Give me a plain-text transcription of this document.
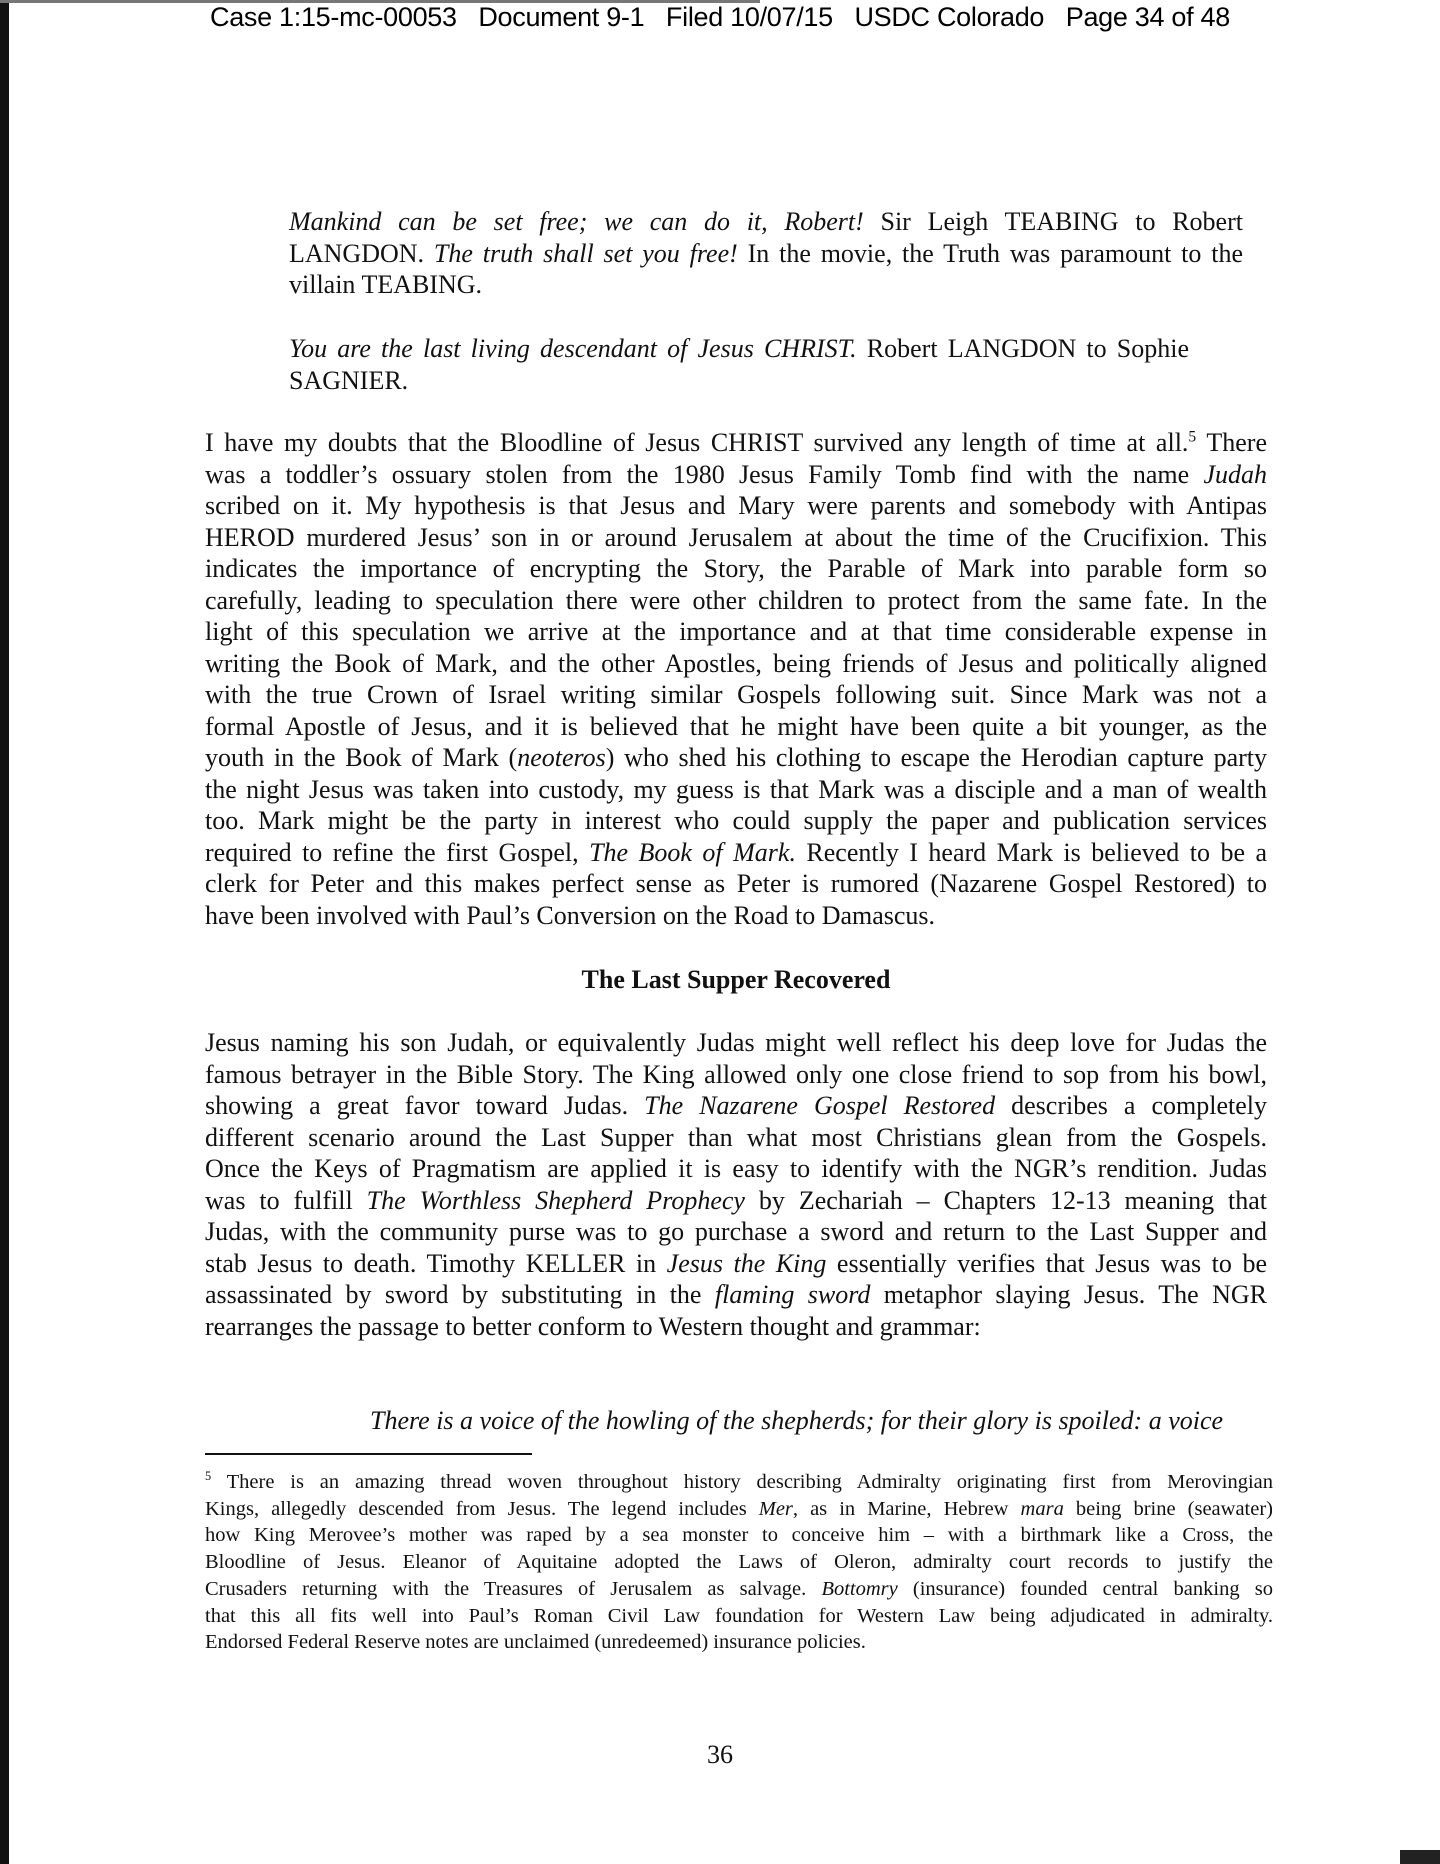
Case 1:15-mc-00053   Document 9-1   Filed 10/07/15   USDC Colorado   Page 34 of 48
Mankind can be set free; we can do it, Robert! Sir Leigh TEABING to Robert
LANGDON. The truth shall set you free! In the movie, the Truth was paramount to the
villain TEABING.
You are the last living descendant of Jesus CHRIST. Robert LANGDON to Sophie
SAGNIER.
I have my doubts that the Bloodline of Jesus CHRIST survived any length of time at all.$^5$ There
was a toddler’s ossuary stolen from the 1980 Jesus Family Tomb find with the name Judah
scribed on it. My hypothesis is that Jesus and Mary were parents and somebody with Antipas
HEROD murdered Jesus’ son in or around Jerusalem at about the time of the Crucifixion. This
indicates the importance of encrypting the Story, the Parable of Mark into parable form so
carefully, leading to speculation there were other children to protect from the same fate. In the
light of this speculation we arrive at the importance and at that time considerable expense in
writing the Book of Mark, and the other Apostles, being friends of Jesus and politically aligned
with the true Crown of Israel writing similar Gospels following suit. Since Mark was not a
formal Apostle of Jesus, and it is believed that he might have been quite a bit younger, as the
youth in the Book of Mark (neoteros) who shed his clothing to escape the Herodian capture party
the night Jesus was taken into custody, my guess is that Mark was a disciple and a man of wealth
too. Mark might be the party in interest who could supply the paper and publication services
required to refine the first Gospel, The Book of Mark. Recently I heard Mark is believed to be a
clerk for Peter and this makes perfect sense as Peter is rumored (Nazarene Gospel Restored) to
have been involved with Paul’s Conversion on the Road to Damascus.
The Last Supper Recovered
Jesus naming his son Judah, or equivalently Judas might well reflect his deep love for Judas the
famous betrayer in the Bible Story. The King allowed only one close friend to sop from his bowl,
showing a great favor toward Judas. The Nazarene Gospel Restored describes a completely
different scenario around the Last Supper than what most Christians glean from the Gospels.
Once the Keys of Pragmatism are applied it is easy to identify with the NGR’s rendition. Judas
was to fulfill The Worthless Shepherd Prophecy by Zechariah – Chapters 12-13 meaning that
Judas, with the community purse was to go purchase a sword and return to the Last Supper and
stab Jesus to death. Timothy KELLER in Jesus the King essentially verifies that Jesus was to be
assassinated by sword by substituting in the flaming sword metaphor slaying Jesus. The NGR
rearranges the passage to better conform to Western thought and grammar:
There is a voice of the howling of the shepherds; for their glory is spoiled: a voice
$^5$ There is an amazing thread woven throughout history describing Admiralty originating first from Merovingian
Kings, allegedly descended from Jesus. The legend includes Mer, as in Marine, Hebrew mara being brine (seawater)
how King Merovee’s mother was raped by a sea monster to conceive him – with a birthmark like a Cross, the
Bloodline of Jesus. Eleanor of Aquitaine adopted the Laws of Oleron, admiralty court records to justify the
Crusaders returning with the Treasures of Jerusalem as salvage. Bottomry (insurance) founded central banking so
that this all fits well into Paul’s Roman Civil Law foundation for Western Law being adjudicated in admiralty.
Endorsed Federal Reserve notes are unclaimed (unredeemed) insurance policies.
36
